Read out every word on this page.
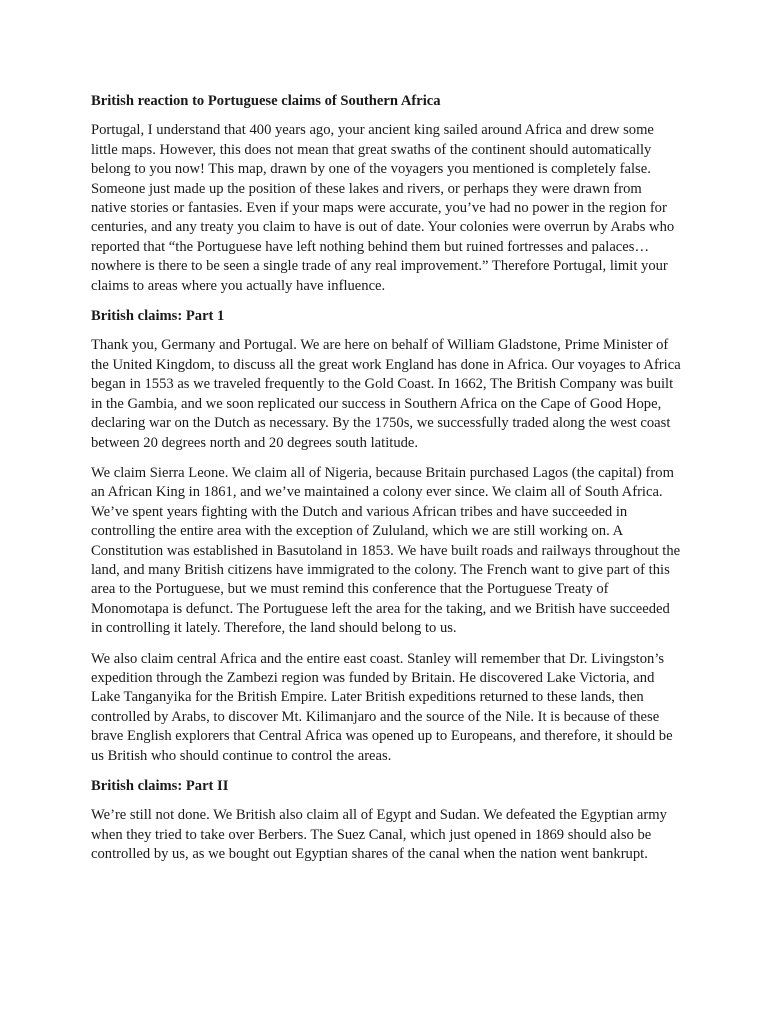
British reaction to Portuguese claims of Southern Africa

Portugal, I understand that 400 years ago, your ancient king sailed around Africa and drew some little maps. However, this does not mean that great swaths of the continent should automatically belong to you now! This map, drawn by one of the voyagers you mentioned is completely false. Someone just made up the position of these lakes and rivers, or perhaps they were drawn from native stories or fantasies. Even if your maps were accurate, you’ve had no power in the region for centuries, and any treaty you claim to have is out of date. Your colonies were overrun by Arabs who reported that “the Portuguese have left nothing behind them but ruined fortresses and palaces…nowhere is there to be seen a single trade of any real improvement.” Therefore Portugal, limit your claims to areas where you actually have influence.

British claims: Part 1

Thank you, Germany and Portugal. We are here on behalf of William Gladstone, Prime Minister of the United Kingdom, to discuss all the great work England has done in Africa. Our voyages to Africa began in 1553 as we traveled frequently to the Gold Coast. In 1662, The British Company was built in the Gambia, and we soon replicated our success in Southern Africa on the Cape of Good Hope, declaring war on the Dutch as necessary. By the 1750s, we successfully traded along the west coast between 20 degrees north and 20 degrees south latitude.

We claim Sierra Leone. We claim all of Nigeria, because Britain purchased Lagos (the capital) from an African King in 1861, and we’ve maintained a colony ever since. We claim all of South Africa. We’ve spent years fighting with the Dutch and various African tribes and have succeeded in controlling the entire area with the exception of Zululand, which we are still working on. A Constitution was established in Basutoland in 1853. We have built roads and railways throughout the land, and many British citizens have immigrated to the colony. The French want to give part of this area to the Portuguese, but we must remind this conference that the Portuguese Treaty of Monomotapa is defunct. The Portuguese left the area for the taking, and we British have succeeded in controlling it lately. Therefore, the land should belong to us.

We also claim central Africa and the entire east coast. Stanley will remember that Dr. Livingston’s expedition through the Zambezi region was funded by Britain. He discovered Lake Victoria, and Lake Tanganyika for the British Empire. Later British expeditions returned to these lands, then controlled by Arabs, to discover Mt. Kilimanjaro and the source of the Nile. It is because of these brave English explorers that Central Africa was opened up to Europeans, and therefore, it should be us British who should continue to control the areas.

British claims: Part II

We’re still not done. We British also claim all of Egypt and Sudan. We defeated the Egyptian army when they tried to take over Berbers. The Suez Canal, which just opened in 1869 should also be controlled by us, as we bought out Egyptian shares of the canal when the nation went bankrupt.
